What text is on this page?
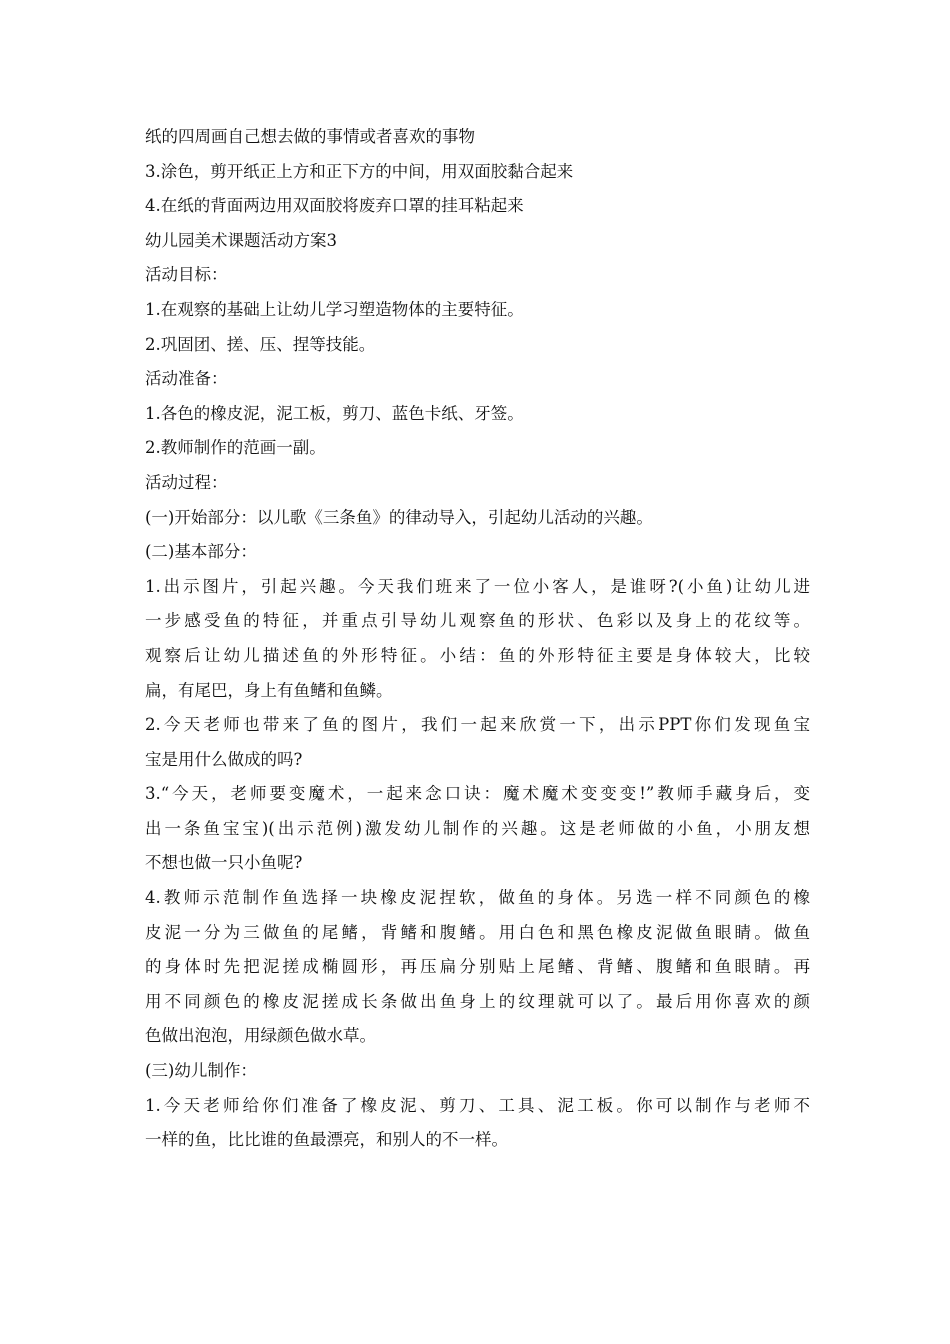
纸的四周画自己想去做的事情或者喜欢的事物
3.涂色，剪开纸正上方和正下方的中间，用双面胶黏合起来
4.在纸的背面两边用双面胶将废弃口罩的挂耳粘起来
幼儿园美术课题活动方案3
活动目标：
1.在观察的基础上让幼儿学习塑造物体的主要特征。
2.巩固团、搓、压、捏等技能。
活动准备：
1.各色的橡皮泥，泥工板，剪刀、蓝色卡纸、牙签。
2.教师制作的范画一副。
活动过程：
(一)开始部分：以儿歌《三条鱼》的律动导入，引起幼儿活动的兴趣。
(二)基本部分：
1.出示图片，引起兴趣。今天我们班来了一位小客人，是谁呀?(小鱼)让幼儿进
一步感受鱼的特征，并重点引导幼儿观察鱼的形状、色彩以及身上的花纹等。
观察后让幼儿描述鱼的外形特征。小结：鱼的外形特征主要是身体较大，比较
扁，有尾巴，身上有鱼鳍和鱼鳞。
2.今天老师也带来了鱼的图片，我们一起来欣赏一下，出示PPT你们发现鱼宝
宝是用什么做成的吗?
3.“今天，老师要变魔术，一起来念口诀：魔术魔术变变变!”教师手藏身后，变
出一条鱼宝宝)(出示范例)激发幼儿制作的兴趣。这是老师做的小鱼，小朋友想
不想也做一只小鱼呢?
4.教师示范制作鱼选择一块橡皮泥捏软，做鱼的身体。另选一样不同颜色的橡
皮泥一分为三做鱼的尾鳍，背鳍和腹鳍。用白色和黑色橡皮泥做鱼眼睛。做鱼
的身体时先把泥搓成椭圆形，再压扁分别贴上尾鳍、背鳍、腹鳍和鱼眼睛。再
用不同颜色的橡皮泥搓成长条做出鱼身上的纹理就可以了。最后用你喜欢的颜
色做出泡泡，用绿颜色做水草。
(三)幼儿制作：
1.今天老师给你们准备了橡皮泥、剪刀、工具、泥工板。你可以制作与老师不
一样的鱼，比比谁的鱼最漂亮，和别人的不一样。
